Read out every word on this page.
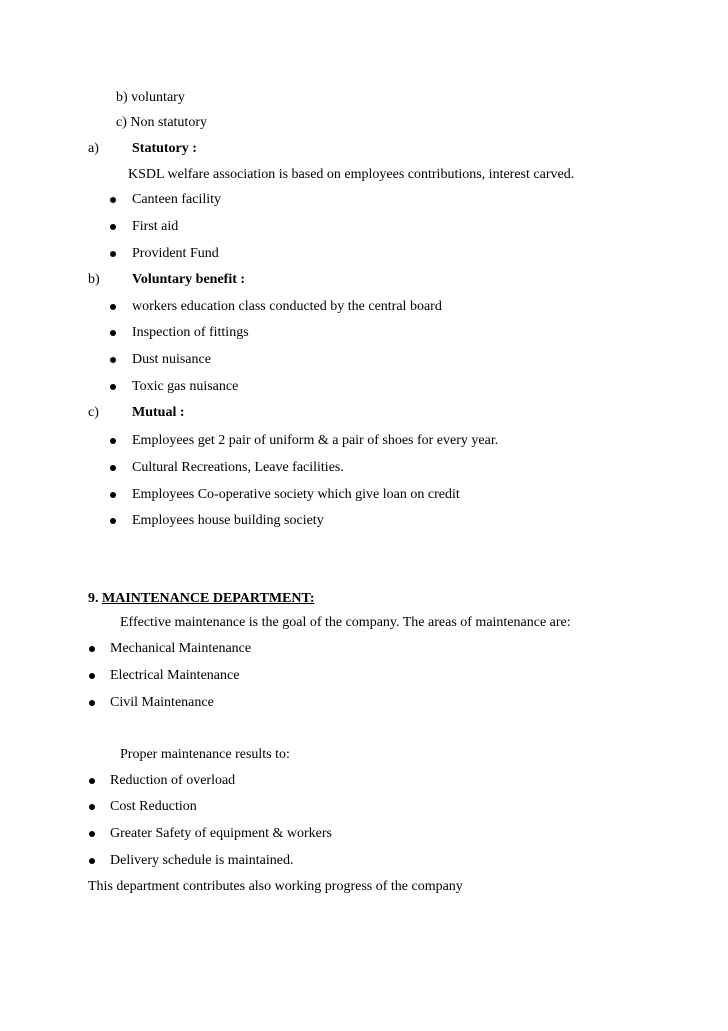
b) voluntary
c) Non statutory
a) Statutory :
KSDL welfare association is based on employees contributions, interest carved.
Canteen facility
First aid
Provident Fund
b) Voluntary benefit :
workers education class conducted by the central board
Inspection of fittings
Dust nuisance
Toxic gas nuisance
c) Mutual :
Employees get 2 pair of uniform & a pair of shoes for every year.
Cultural Recreations, Leave facilities.
Employees Co-operative society which give loan on credit
Employees house building society
9. MAINTENANCE DEPARTMENT:
Effective maintenance is the goal of the company. The areas of maintenance are:
Mechanical Maintenance
Electrical Maintenance
Civil Maintenance
Proper maintenance results to:
Reduction of overload
Cost Reduction
Greater Safety of equipment & workers
Delivery schedule is maintained.
This department contributes also working progress of the company
